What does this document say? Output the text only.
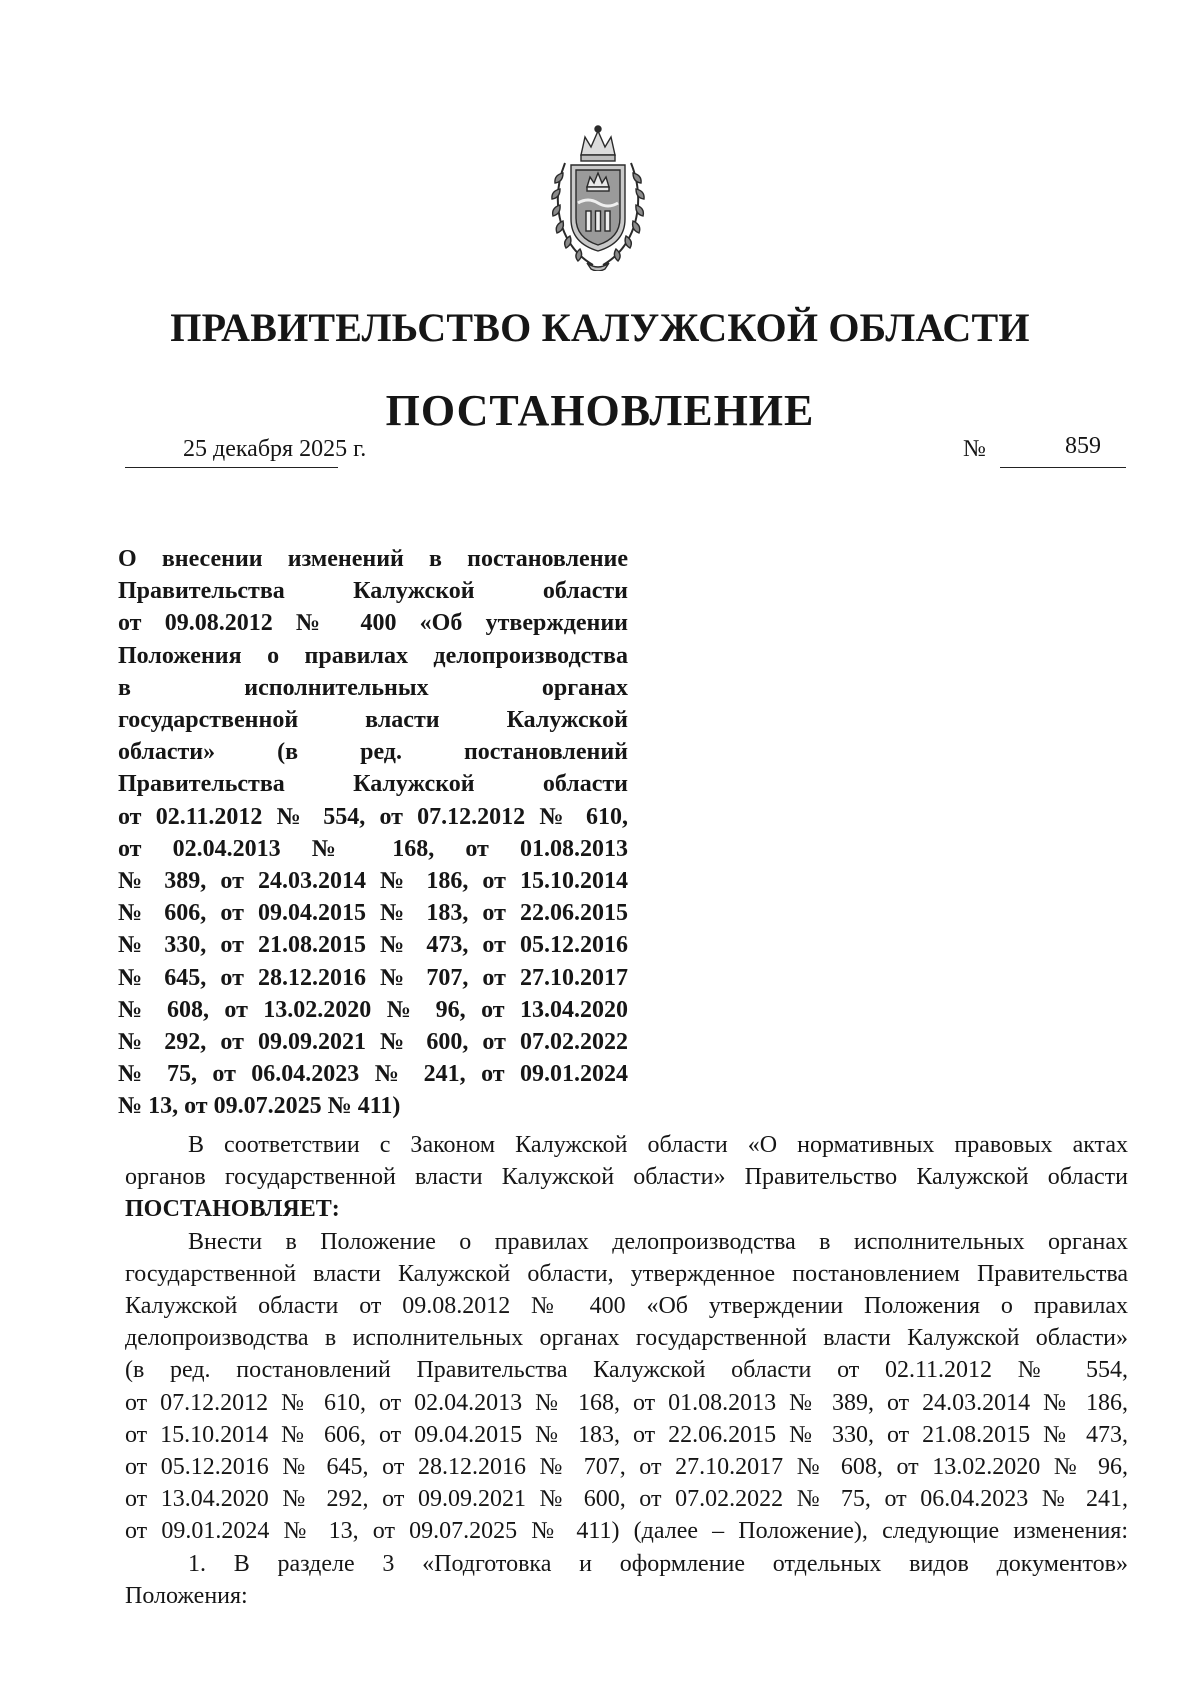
ПРАВИТЕЛЬСТВО КАЛУЖСКОЙ ОБЛАСТИ
ПОСТАНОВЛЕНИЕ
25 декабря 2025 г.	№	859
О внесении изменений в постановление
Правительства Калужской области
от 09.08.2012 № 400 «Об утверждении
Положения о правилах делопроизводства
в исполнительных органах
государственной власти Калужской
области» (в ред. постановлений
Правительства Калужской области
от 02.11.2012 № 554, от 07.12.2012 № 610,
от 02.04.2013 № 168, от 01.08.2013
№ 389, от 24.03.2014 № 186, от 15.10.2014
№ 606, от 09.04.2015 № 183, от 22.06.2015
№ 330, от 21.08.2015 № 473, от 05.12.2016
№ 645, от 28.12.2016 № 707, от 27.10.2017
№ 608, от 13.02.2020 № 96, от 13.04.2020
№ 292, от 09.09.2021 № 600, от 07.02.2022
№ 75, от 06.04.2023 № 241, от 09.01.2024
№ 13, от 09.07.2025 № 411)
В соответствии с Законом Калужской области «О нормативных правовых актах
органов государственной власти Калужской области» Правительство Калужской области
ПОСТАНОВЛЯЕТ:
Внести в Положение о правилах делопроизводства в исполнительных органах
государственной власти Калужской области, утвержденное постановлением Правительства
Калужской области от 09.08.2012 № 400 «Об утверждении Положения о правилах
делопроизводства в исполнительных органах государственной власти Калужской области»
(в ред. постановлений Правительства Калужской области от 02.11.2012 № 554,
от 07.12.2012 № 610, от 02.04.2013 № 168, от 01.08.2013 № 389, от 24.03.2014 № 186,
от 15.10.2014 № 606, от 09.04.2015 № 183, от 22.06.2015 № 330, от 21.08.2015 № 473,
от 05.12.2016 № 645, от 28.12.2016 № 707, от 27.10.2017 № 608, от 13.02.2020 № 96,
от 13.04.2020 № 292, от 09.09.2021 № 600, от 07.02.2022 № 75, от 06.04.2023 № 241,
от 09.01.2024 № 13, от 09.07.2025 № 411) (далее – Положение), следующие изменения:
1. В разделе 3 «Подготовка и оформление отдельных видов документов»
Положения:
